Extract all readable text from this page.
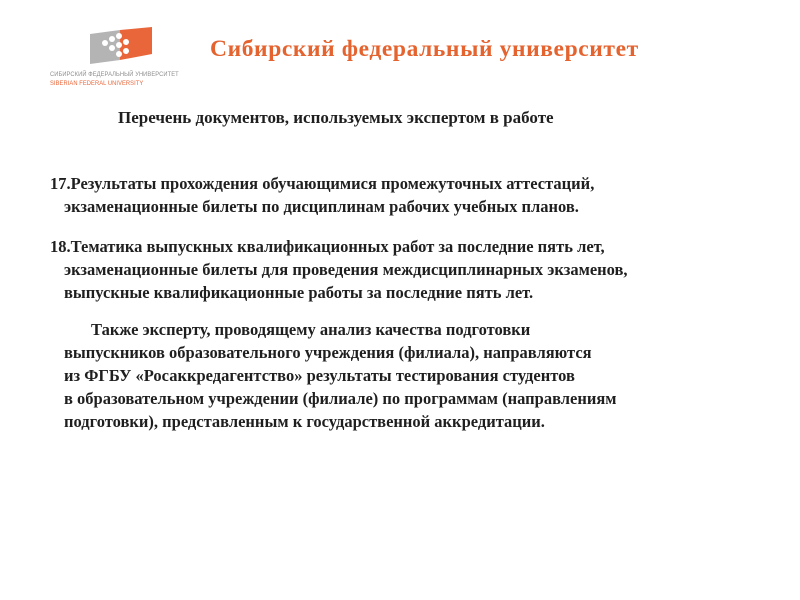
СИБИРСКИЙ ФЕДЕРАЛЬНЫЙ УНИВЕРСИТЕТ
SIBERIAN FEDERAL UNIVERSITY
Сибирский федеральный университет
Перечень документов, используемых экспертом в работе
17.Результаты прохождения обучающимися промежуточных аттестаций,
экзаменационные билеты по дисциплинам рабочих учебных планов.
18.Тематика выпускных квалификационных работ за последние пять лет,
экзаменационные билеты для проведения междисциплинарных экзаменов,
выпускные квалификационные работы за последние пять лет.
Также эксперту, проводящему анализ качества подготовки
выпускников образовательного учреждения (филиала), направляются
из ФГБУ «Росаккредагентство» результаты тестирования студентов
в образовательном учреждении (филиале) по программам (направлениям
подготовки), представленным к государственной аккредитации.
